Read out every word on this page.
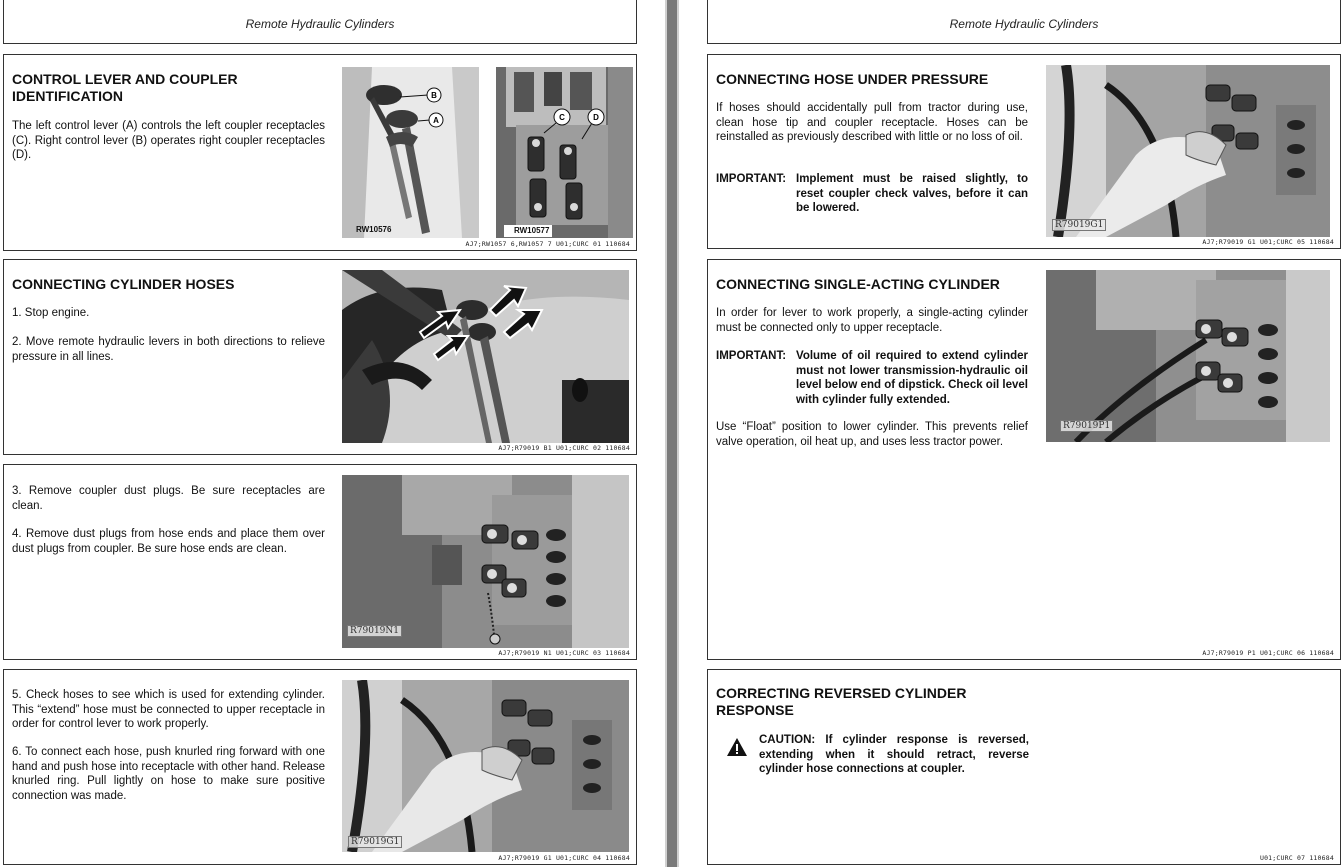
Remote Hydraulic Cylinders
CONTROL LEVER AND COUPLER
IDENTIFICATION
The left control lever (A) controls the left coupler receptacles (C). Right control lever (B) operates right coupler receptacles (D).
B
A
RW10576
C	D
RW10577
AJ7;RW1057 6,RW1057 7 U01;CURC 01 110684
CONNECTING CYLINDER HOSES
1. Stop engine.
2. Move remote hydraulic levers in both directions to relieve pressure in all lines.
AJ7;R79019 B1 U01;CURC 02 110684
3. Remove coupler dust plugs. Be sure receptacles are clean.
4. Remove dust plugs from hose ends and place them over dust plugs from coupler. Be sure hose ends are clean.
R79019N1
AJ7;R79019 N1 U01;CURC 03 110684
5. Check hoses to see which is used for extending cylinder. This “extend” hose must be connected to upper receptacle in order for control lever to work properly.
6. To connect each hose, push knurled ring forward with one hand and push hose into receptacle with other hand. Release knurled ring. Pull lightly on hose to make sure positive connection was made.
R79019G1
AJ7;R79019 G1 U01;CURC 04 110684
Remote Hydraulic Cylinders
CONNECTING HOSE UNDER PRESSURE
If hoses should accidentally pull from tractor during use, clean hose tip and coupler receptacle. Hoses can be reinstalled as previously described with little or no loss of oil.
IMPORTANT: Implement must be raised slightly, to reset coupler check valves, before it can be lowered.
R79019G1
AJ7;R79019 G1 U01;CURC 05 110684
CONNECTING SINGLE-ACTING CYLINDER
In order for lever to work properly, a single-acting cylinder must be connected only to upper receptacle.
IMPORTANT: Volume of oil required to extend cylinder must not lower transmission-hydraulic oil level below end of dipstick. Check oil level with cylinder fully extended.
Use “Float” position to lower cylinder. This prevents relief valve operation, oil heat up, and uses less tractor power.
R79019P1
AJ7;R79019 P1 U01;CURC 06 110684
CORRECTING REVERSED CYLINDER
RESPONSE
CAUTION: If cylinder response is reversed, extending when it should retract, reverse cylinder hose connections at coupler.
U01;CURC 07 110684
